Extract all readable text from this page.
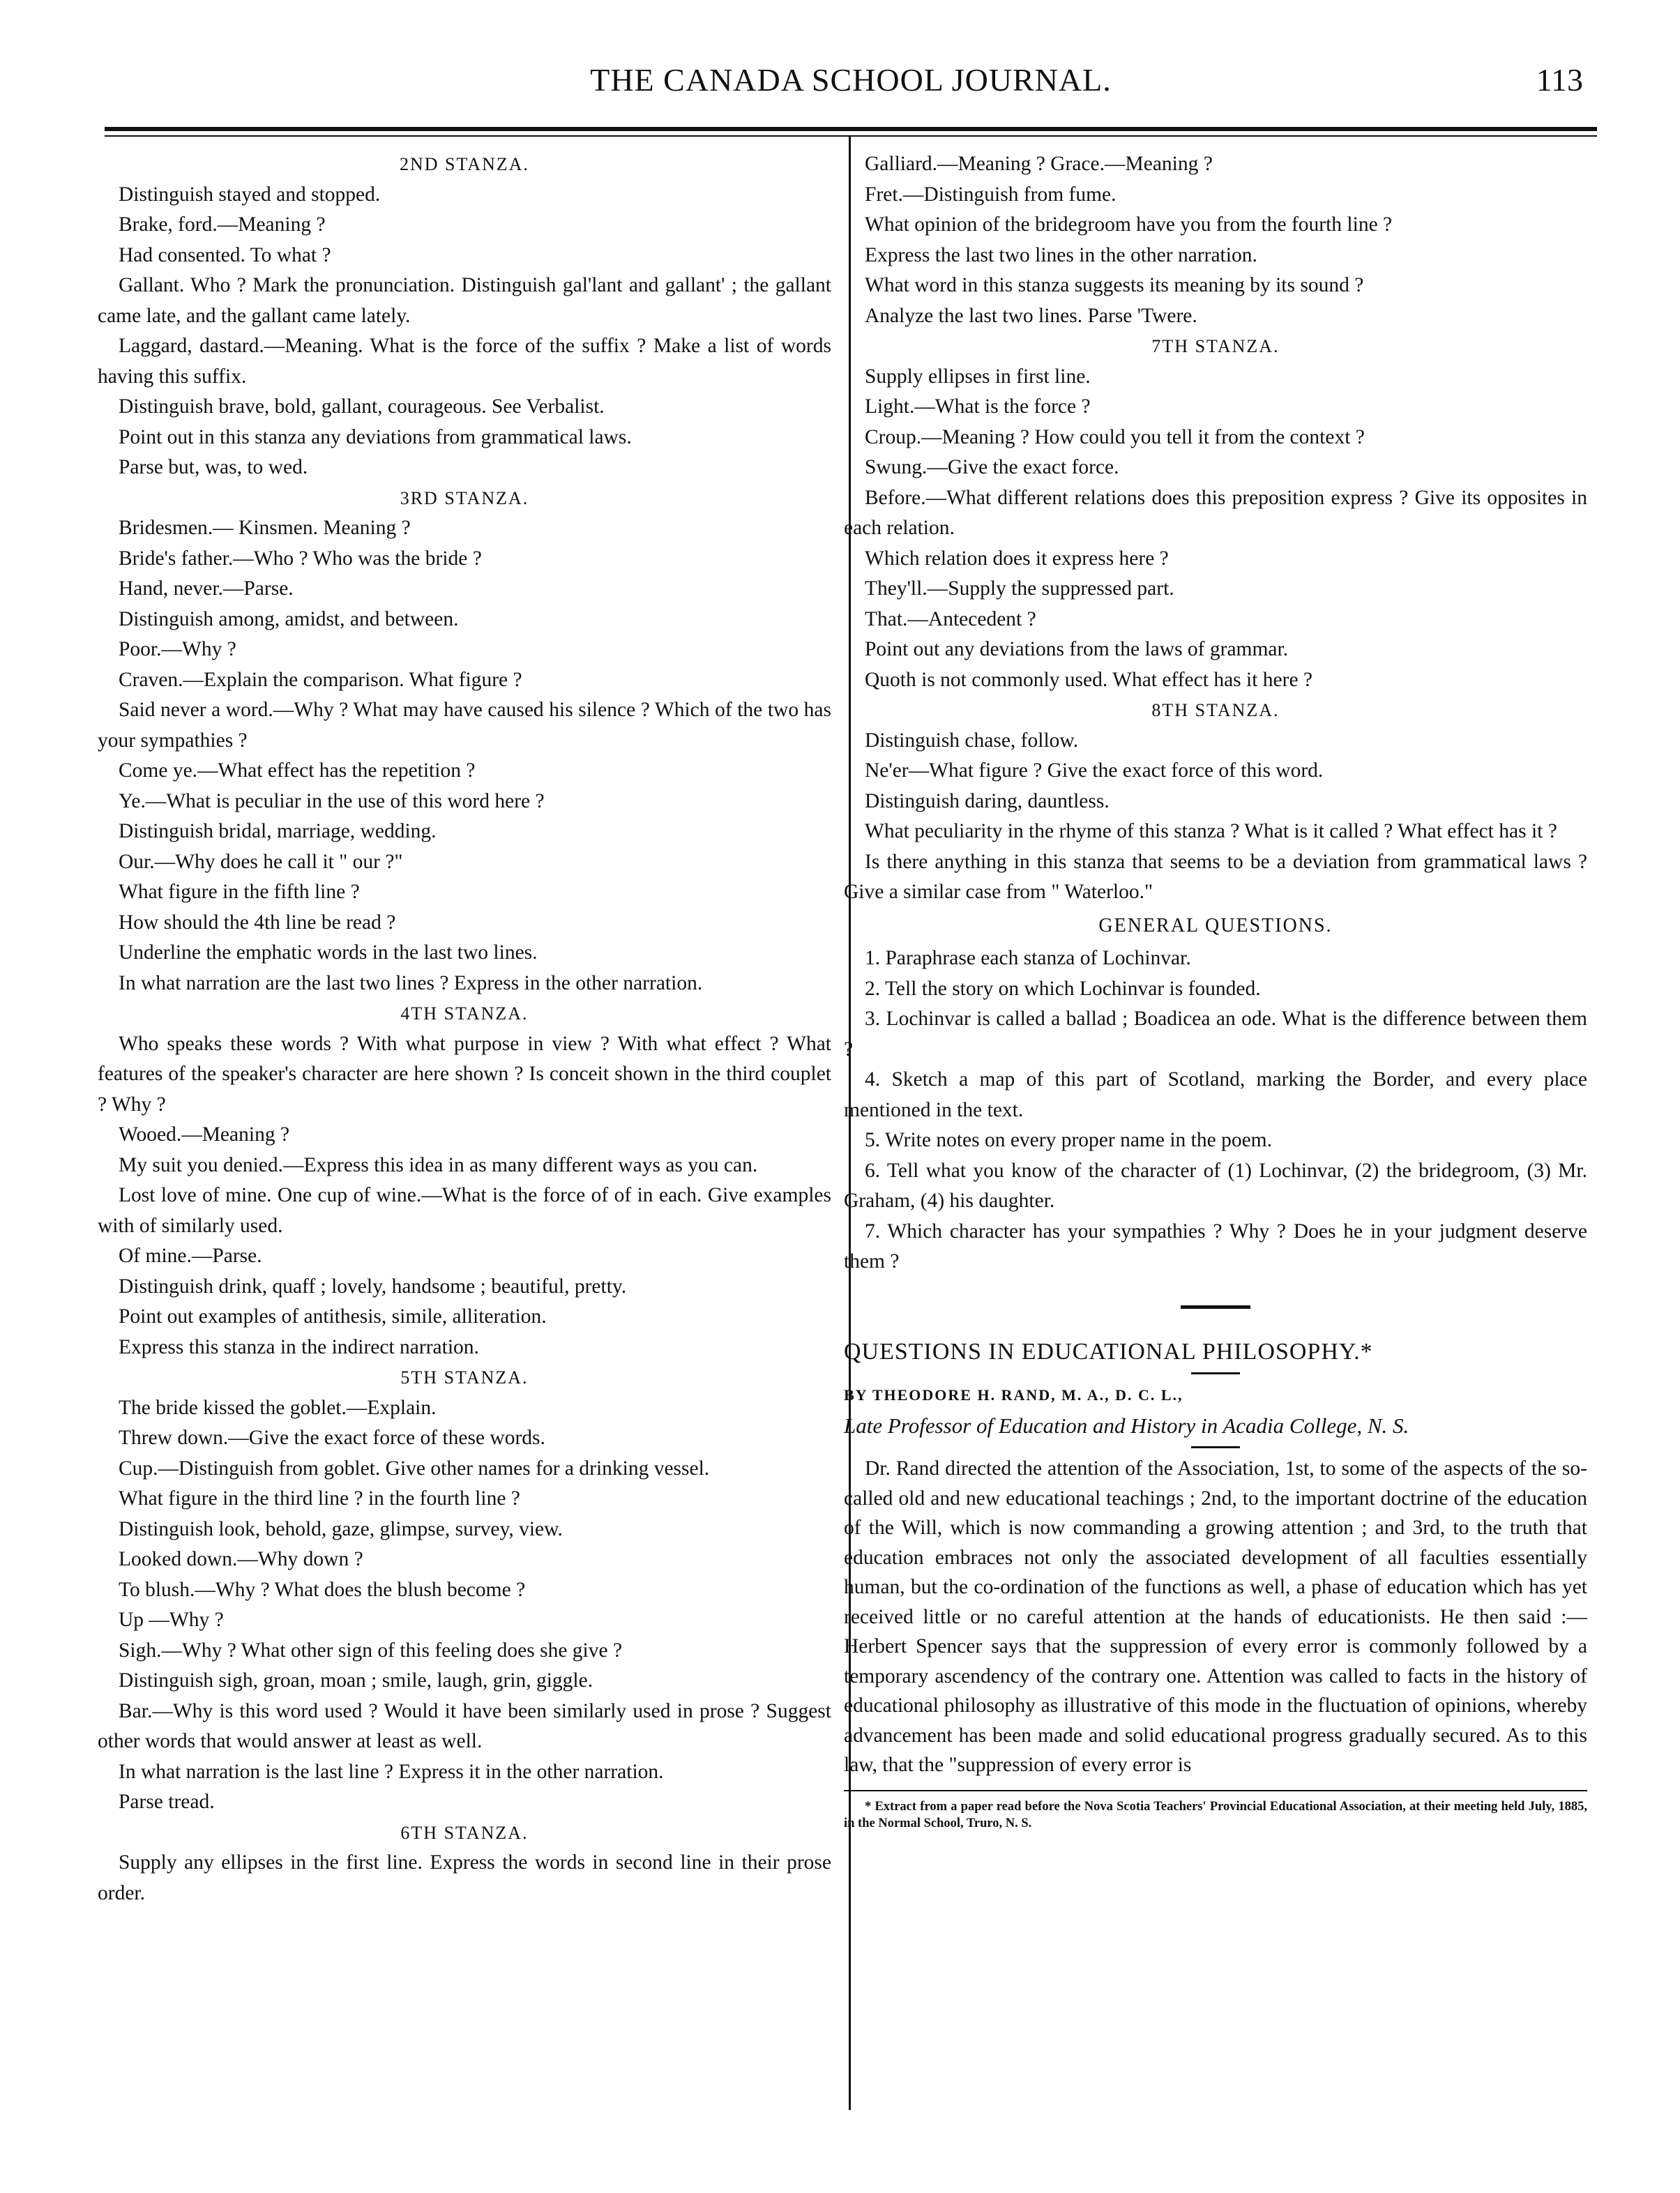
THE CANADA SCHOOL JOURNAL.	113

2ND STANZA.

Distinguish stayed and stopped.

Brake, ford.—Meaning ?

Had consented. To what ?

Gallant. Who ? Mark the pronunciation. Distinguish gal'lant and gallant' ; the gallant came late, and the gallant came lately.

Laggard, dastard.—Meaning. What is the force of the suffix ? Make a list of words having this suffix.

Distinguish brave, bold, gallant, courageous. See Verbalist.

Point out in this stanza any deviations from grammatical laws.

Parse but, was, to wed.

3RD STANZA.

Bridesmen.— Kinsmen. Meaning ?

Bride's father.—Who ? Who was the bride ?

Hand, never.—Parse.

Distinguish among, amidst, and between.

Poor.—Why ?

Craven.—Explain the comparison. What figure ?

Said never a word.—Why ? What may have caused his silence ? Which of the two has your sympathies ?

Come ye.—What effect has the repetition ?

Ye.—What is peculiar in the use of this word here ?

Distinguish bridal, marriage, wedding.

Our.—Why does he call it " our ?"

What figure in the fifth line ?

How should the 4th line be read ?

Underline the emphatic words in the last two lines.

In what narration are the last two lines ? Express in the other narration.

4TH STANZA.

Who speaks these words ? With what purpose in view ? With what effect ? What features of the speaker's character are here shown ? Is conceit shown in the third couplet ? Why ?

Wooed.—Meaning ?

My suit you denied.—Express this idea in as many different ways as you can.

Lost love of mine. One cup of wine.—What is the force of of in each. Give examples with of similarly used.

Of mine.—Parse.

Distinguish drink, quaff ; lovely, handsome ; beautiful, pretty.

Point out examples of antithesis, simile, alliteration.

Express this stanza in the indirect narration.

5TH STANZA.

The bride kissed the goblet.—Explain.

Threw down.—Give the exact force of these words.

Cup.—Distinguish from goblet. Give other names for a drinking vessel.

What figure in the third line ? in the fourth line ?

Distinguish look, behold, gaze, glimpse, survey, view.

Looked down.—Why down ?

To blush.—Why ? What does the blush become ?

Up —Why ?

Sigh.—Why ? What other sign of this feeling does she give ?

Distinguish sigh, groan, moan ; smile, laugh, grin, giggle.

Bar.—Why is this word used ? Would it have been similarly used in prose ? Suggest other words that would answer at least as well.

In what narration is the last line ? Express it in the other narration.

Parse tread.

6TH STANZA.

Supply any ellipses in the first line. Express the words in second line in their prose order.

Galliard.—Meaning ? Grace.—Meaning ?

Fret.—Distinguish from fume.

What opinion of the bridegroom have you from the fourth line ?

Express the last two lines in the other narration.

What word in this stanza suggests its meaning by its sound ?

Analyze the last two lines. Parse 'Twere.

7TH STANZA.

Supply ellipses in first line.

Light.—What is the force ?

Croup.—Meaning ? How could you tell it from the context ?

Swung.—Give the exact force.

Before.—What different relations does this preposition express ? Give its opposites in each relation.

Which relation does it express here ?

They'll.—Supply the suppressed part.

That.—Antecedent ?

Point out any deviations from the laws of grammar.

Quoth is not commonly used. What effect has it here ?

8TH STANZA.

Distinguish chase, follow.

Ne'er—What figure ? Give the exact force of this word.

Distinguish daring, dauntless.

What peculiarity in the rhyme of this stanza ? What is it called ? What effect has it ?

Is there anything in this stanza that seems to be a deviation from grammatical laws ? Give a similar case from " Waterloo."

GENERAL QUESTIONS.

1. Paraphrase each stanza of Lochinvar.

2. Tell the story on which Lochinvar is founded.

3. Lochinvar is called a ballad ; Boadicea an ode. What is the difference between them ?

4. Sketch a map of this part of Scotland, marking the Border, and every place mentioned in the text.

5. Write notes on every proper name in the poem.

6. Tell what you know of the character of (1) Lochinvar, (2) the bridegroom, (3) Mr. Graham, (4) his daughter.

7. Which character has your sympathies ? Why ? Does he in your judgment deserve them ?

QUESTIONS IN EDUCATIONAL PHILOSOPHY.*

BY THEODORE H. RAND, M. A., D. C. L.,

Late Professor of Education and History in Acadia College, N. S.

Dr. Rand directed the attention of the Association, 1st, to some of the aspects of the so-called old and new educational teachings ; 2nd, to the important doctrine of the education of the Will, which is now commanding a growing attention ; and 3rd, to the truth that education embraces not only the associated development of all faculties essentially human, but the co-ordination of the functions as well, a phase of education which has yet received little or no careful attention at the hands of educationists. He then said :—Herbert Spencer says that the suppression of every error is commonly followed by a temporary ascendency of the contrary one. Attention was called to facts in the history of educational philosophy as illustrative of this mode in the fluctuation of opinions, whereby advancement has been made and solid educational progress gradually secured. As to this law, that the "suppression of every error is

* Extract from a paper read before the Nova Scotia Teachers' Provincial Educational Association, at their meeting held July, 1885, in the Normal School, Truro, N. S.
